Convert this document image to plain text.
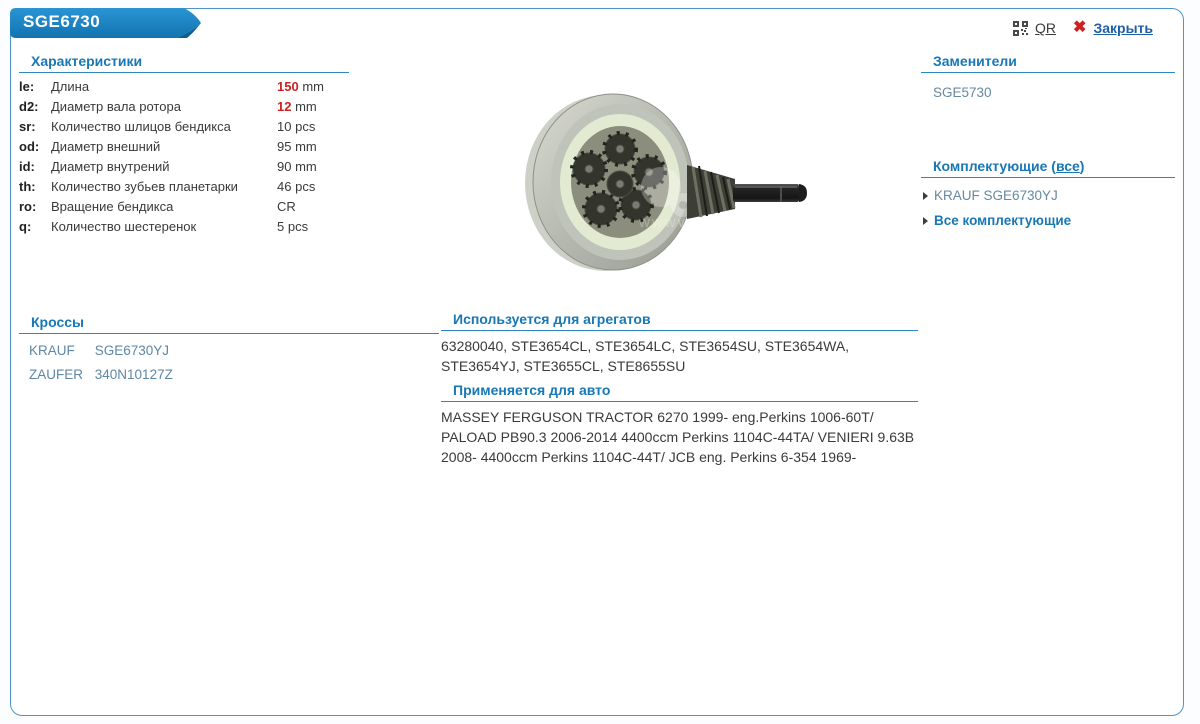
SGE6730	QR ✖ Закрыть
Характеристики
le:	Длина	150 mm
d2:	Диаметр вала ротора	12 mm
sr:	Количество шлицов бендикса	10 pcs
od:	Диаметр внешний	95 mm
id:	Диаметр внутрений	90 mm
th:	Количество зубьев планетарки	46 pcs
ro:	Вращение бендикса	CR
q:	Количество шестеренок	5 pcs	wwwv
Заменители
SGE5730
Комплектующие (все)
KRAUF SGE6730YJ
Все комплектующие
Кроссы
KRAUF SGE6730YJ
ZAUFER 340N10127Z
Используется для агрегатов
63280040, STE3654CL, STE3654LC, STE3654SU, STE3654WA, STE3654YJ, STE3655CL, STE8655SU
Применяется для авто
MASSEY FERGUSON TRACTOR 6270 1999- eng.Perkins 1006-60T/ PALOAD PB90.3 2006-2014 4400ccm Perkins 1104C-44TA/ VENIERI 9.63B 2008- 4400ccm Perkins 1104C-44T/ JCB eng. Perkins 6-354 1969-
